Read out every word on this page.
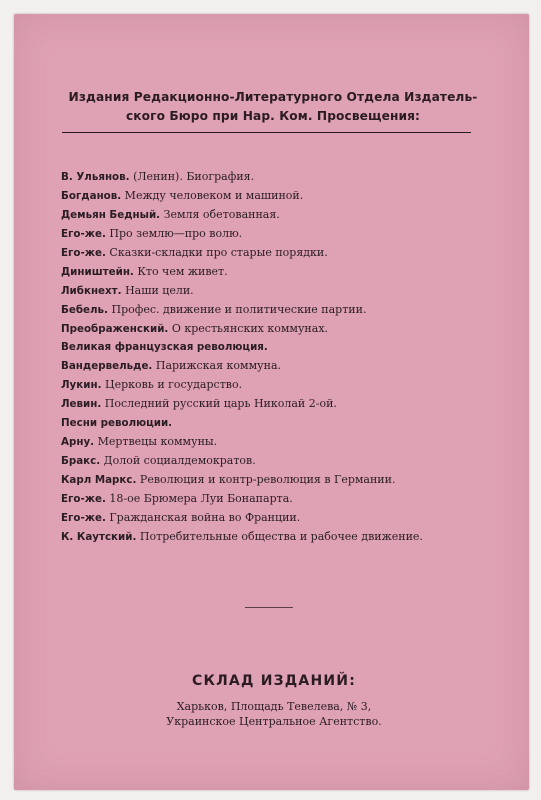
Издания Редакционно-Литературного Отдела Издатель-
ского Бюро при Нар. Ком. Просвещения:
В. Ульянов. (Ленин). Биография.
Богданов. Между человеком и машиной.
Демьян Бедный. Земля обетованная.
Его-же. Про землю—про волю.
Его-же. Сказки-складки про старые порядки.
Диништейн. Кто чем живет.
Либкнехт. Наши цели.
Бебель. Профес. движение и политические партии.
Преображенский. О крестьянских коммунах.
Великая французская революция.
Вандервельде. Парижская коммуна.
Лукин. Церковь и государство.
Левин. Последний русский царь Николай 2-ой.
Песни революции.
Арну. Мертвецы коммуны.
Бракс. Долой социалдемократов.
Карл Маркс. Революция и контр-революция в Германии.
Его-же. 18-ое Брюмера Луи Бонапарта.
Его-же. Гражданская война во Франции.
К. Каутский. Потребительные общества и рабочее движение.
СКЛАД ИЗДАНИЙ:
Харьков, Площадь Тевелева, № 3,
Украинское Центральное Агентство.
